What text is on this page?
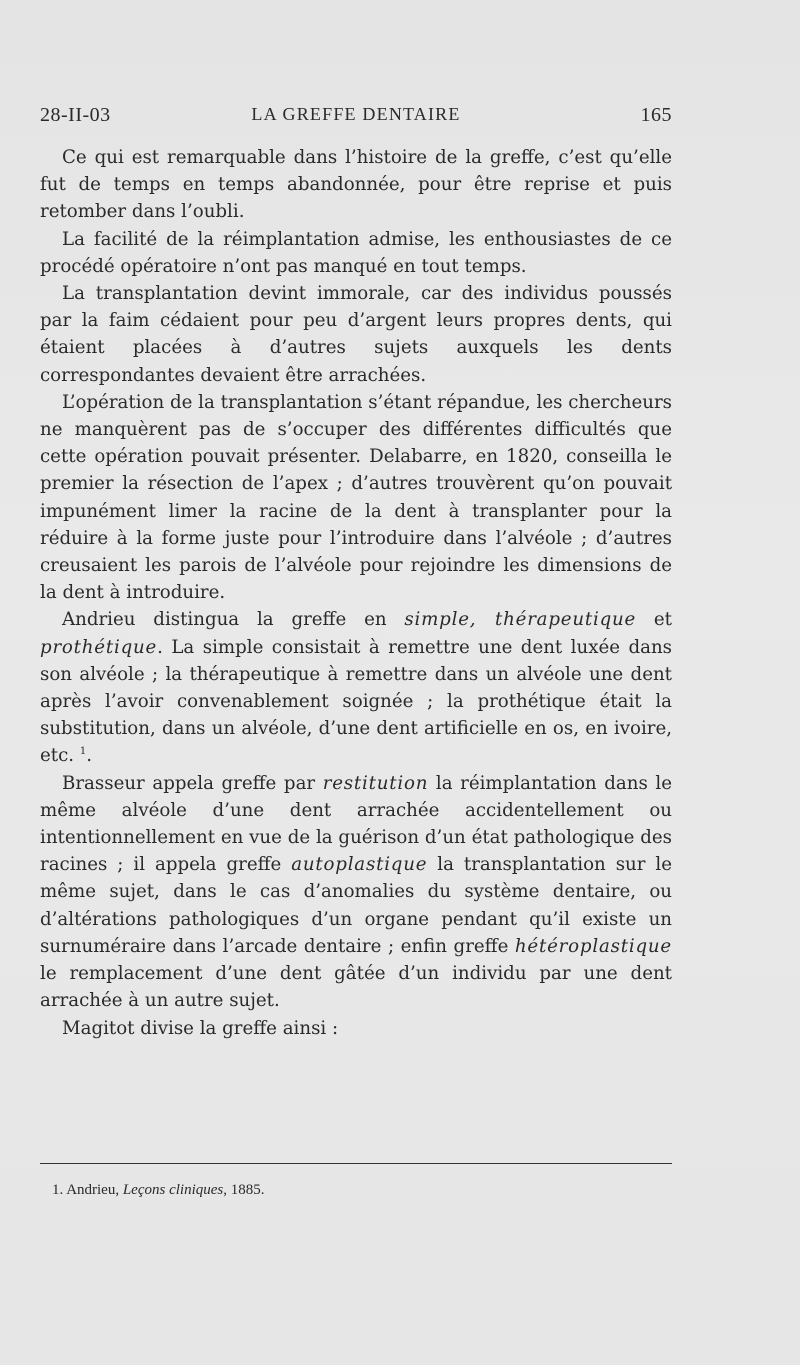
28-II-03	LA GREFFE DENTAIRE	165

Ce qui est remarquable dans l’histoire de la greffe, c’est qu’elle fut de temps en temps abandonnée, pour être reprise et puis retomber dans l’oubli.

La facilité de la réimplantation admise, les enthousiastes de ce procédé opératoire n’ont pas manqué en tout temps.

La transplantation devint immorale, car des individus poussés par la faim cédaient pour peu d’argent leurs propres dents, qui étaient placées à d’autres sujets auxquels les dents correspondantes devaient être arrachées.

L’opération de la transplantation s’étant répandue, les chercheurs ne manquèrent pas de s’occuper des différentes difficultés que cette opération pouvait présenter. Delabarre, en 1820, conseilla le premier la résection de l’apex ; d’autres trouvèrent qu’on pouvait impunément limer la racine de la dent à transplanter pour la réduire à la forme juste pour l’introduire dans l’alvéole ; d’autres creusaient les parois de l’alvéole pour rejoindre les dimensions de la dent à introduire.

Andrieu distingua la greffe en simple, thérapeutique et prothétique. La simple consistait à remettre une dent luxée dans son alvéole ; la thérapeutique à remettre dans un alvéole une dent après l’avoir convenablement soignée ; la prothétique était la substitution, dans un alvéole, d’une dent artificielle en os, en ivoire, etc. $^1$.

Brasseur appela greffe par restitution la réimplantation dans le même alvéole d’une dent arrachée accidentellement ou intentionnellement en vue de la guérison d’un état pathologique des racines ; il appela greffe autoplastique la transplantation sur le même sujet, dans le cas d’anomalies du système dentaire, ou d’altérations pathologiques d’un organe pendant qu’il existe un surnuméraire dans l’arcade dentaire ; enfin greffe hétéroplastique le remplacement d’une dent gâtée d’un individu par une dent arrachée à un autre sujet.

Magitot divise la greffe ainsi :

1. Andrieu, Leçons cliniques, 1885.
